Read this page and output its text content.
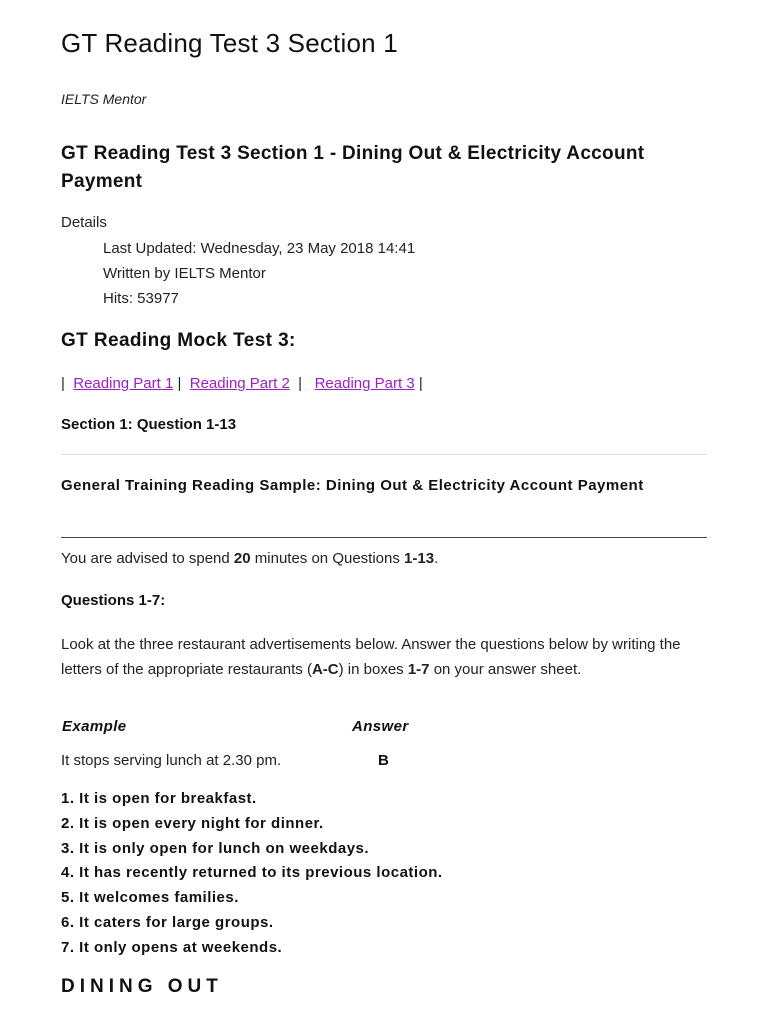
GT Reading Test 3 Section 1
IELTS Mentor
GT Reading Test 3 Section 1 - Dining Out & Electricity Account Payment
Details
Last Updated: Wednesday, 23 May 2018 14:41
Written by IELTS Mentor
Hits: 53977
GT Reading Mock Test 3:
| Reading Part 1 | Reading Part 2 | Reading Part 3 |
Section 1: Question 1-13
General Training Reading Sample: Dining Out & Electricity Account Payment
You are advised to spend 20 minutes on Questions 1-13.
Questions 1-7:
Look at the three restaurant advertisements below. Answer the questions below by writing the letters of the appropriate restaurants (A-C) in boxes 1-7 on your answer sheet.
Example	Answer
It stops serving lunch at 2.30 pm.	B
1. It is open for breakfast.
2. It is open every night for dinner.
3. It is only open for lunch on weekdays.
4. It has recently returned to its previous location.
5. It welcomes families.
6. It caters for large groups.
7. It only opens at weekends.
DINING OUT
